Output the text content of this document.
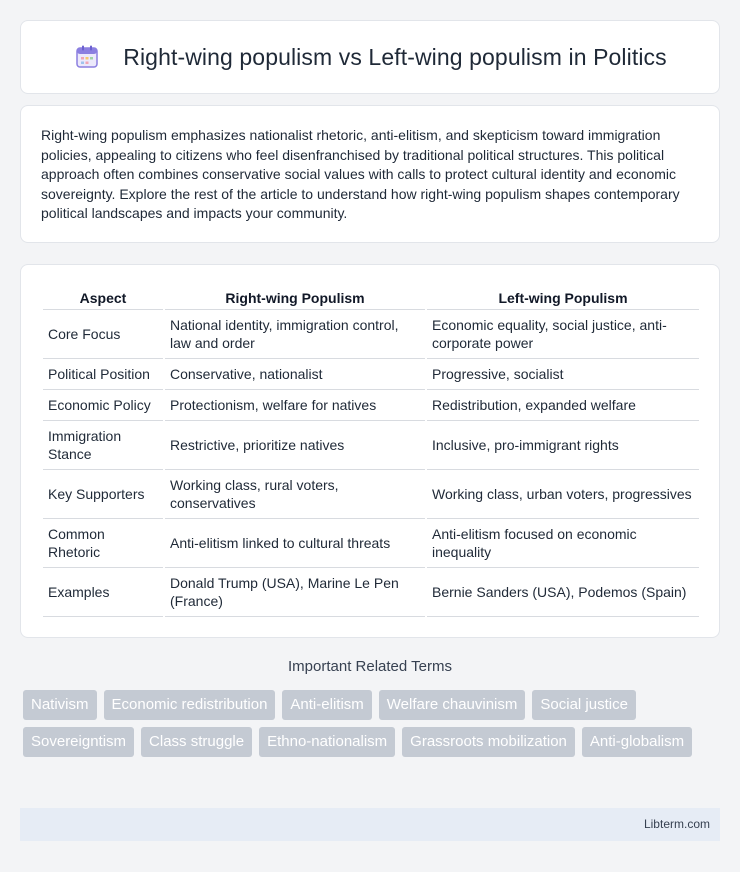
Right-wing populism vs Left-wing populism in Politics

Right-wing populism emphasizes nationalist rhetoric, anti-elitism, and skepticism toward immigration policies, appealing to citizens who feel disenfranchised by traditional political structures. This political approach often combines conservative social values with calls to protect cultural identity and economic sovereignty. Explore the rest of the article to understand how right-wing populism shapes contemporary political landscapes and impacts your community.

Aspect	Right-wing Populism	Left-wing Populism
Core Focus	National identity, immigration control, law and order	Economic equality, social justice, anti-corporate power
Political Position	Conservative, nationalist	Progressive, socialist
Economic Policy	Protectionism, welfare for natives	Redistribution, expanded welfare
Immigration Stance	Restrictive, prioritize natives	Inclusive, pro-immigrant rights
Key Supporters	Working class, rural voters, conservatives	Working class, urban voters, progressives
Common Rhetoric	Anti-elitism linked to cultural threats	Anti-elitism focused on economic inequality
Examples	Donald Trump (USA), Marine Le Pen (France)	Bernie Sanders (USA), Podemos (Spain)
Important Related Terms
Nativism	Economic redistribution	Anti-elitism	Welfare chauvinism	Social justice
Sovereigntism	Class struggle	Ethno-nationalism	Grassroots mobilization	Anti-globalism
Libterm.com
